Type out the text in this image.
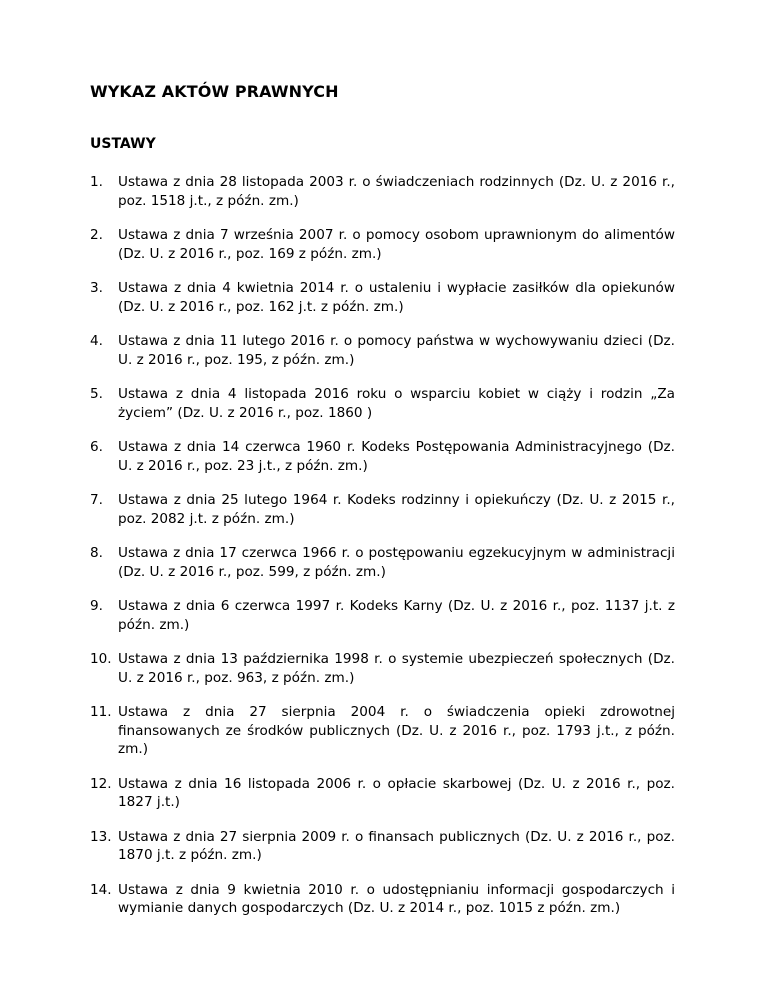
WYKAZ AKTÓW PRAWNYCH
USTAWY
1.	Ustawa z dnia 28 listopada 2003 r. o świadczeniach rodzinnych (Dz. U. z 2016 r., poz. 1518 j.t., z późn. zm.)
2.	Ustawa z dnia 7 września 2007 r. o pomocy osobom uprawnionym do alimentów (Dz. U. z 2016 r., poz. 169 z późn. zm.)
3.	Ustawa z dnia 4 kwietnia 2014 r. o ustaleniu i wypłacie zasiłków dla opiekunów (Dz. U. z 2016 r., poz. 162 j.t. z późn. zm.)
4.	Ustawa z dnia 11 lutego 2016 r. o pomocy państwa w wychowywaniu dzieci (Dz. U. z 2016 r., poz. 195, z późn. zm.)
5.	Ustawa z dnia 4 listopada 2016 roku o wsparciu kobiet w ciąży i rodzin „Za życiem” (Dz. U. z 2016 r., poz. 1860 )
6.	Ustawa z dnia 14 czerwca 1960 r. Kodeks Postępowania Administracyjnego (Dz. U. z 2016 r., poz. 23 j.t., z późn. zm.)
7.	Ustawa z dnia 25 lutego 1964 r. Kodeks rodzinny i opiekuńczy (Dz. U. z 2015 r., poz. 2082 j.t. z późn. zm.)
8.	Ustawa z dnia 17 czerwca 1966 r. o postępowaniu egzekucyjnym w administracji (Dz. U. z 2016 r., poz. 599, z późn. zm.)
9.	Ustawa z dnia 6 czerwca 1997 r. Kodeks Karny (Dz. U. z 2016 r., poz. 1137 j.t. z późn. zm.)
10. Ustawa z dnia 13 października 1998 r. o systemie ubezpieczeń społecznych (Dz. U. z 2016 r., poz. 963, z późn. zm.)
11. Ustawa z dnia 27 sierpnia 2004 r. o świadczenia opieki zdrowotnej finansowanych ze środków publicznych (Dz. U. z 2016 r., poz. 1793 j.t., z późn. zm.)
12. Ustawa z dnia 16 listopada 2006 r. o opłacie skarbowej (Dz. U. z 2016 r., poz. 1827 j.t.)
13. Ustawa z dnia 27 sierpnia 2009 r. o finansach publicznych (Dz. U. z 2016 r., poz. 1870 j.t. z późn. zm.)
14. Ustawa z dnia 9 kwietnia 2010 r. o udostępnianiu informacji gospodarczych i wymianie danych gospodarczych (Dz. U. z 2014 r., poz. 1015 z późn. zm.)
